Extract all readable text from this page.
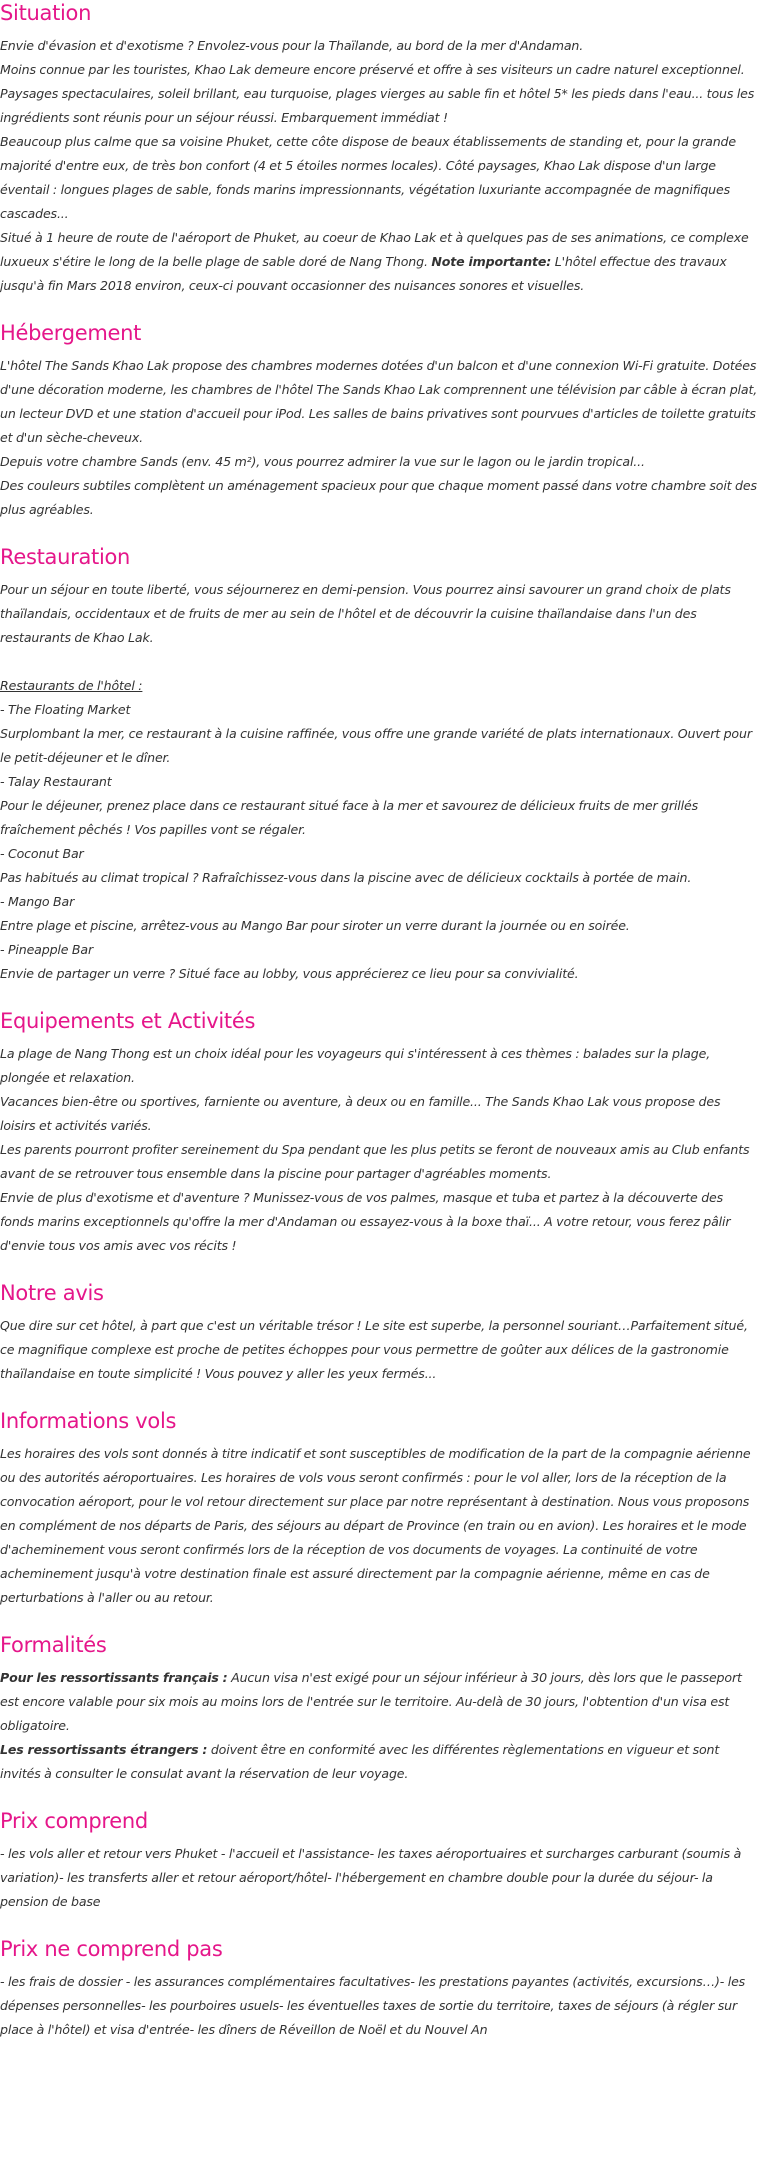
Situation

Envie d'évasion et d'exotisme ? Envolez-vous pour la Thaïlande, au bord de la mer d'Andaman.

Moins connue par les touristes, Khao Lak demeure encore préservé et offre à ses visiteurs un cadre naturel exceptionnel. Paysages spectaculaires, soleil brillant, eau turquoise, plages vierges au sable fin et hôtel 5* les pieds dans l'eau... tous les ingrédients sont réunis pour un séjour réussi. Embarquement immédiat !

Beaucoup plus calme que sa voisine Phuket, cette côte dispose de beaux établissements de standing et, pour la grande majorité d'entre eux, de très bon confort (4 et 5 étoiles normes locales). Côté paysages, Khao Lak dispose d'un large éventail : longues plages de sable, fonds marins impressionnants, végétation luxuriante accompagnée de magnifiques cascades...

Situé à 1 heure de route de l'aéroport de Phuket, au coeur de Khao Lak et à quelques pas de ses animations, ce complexe luxueux s'étire le long de la belle plage de sable doré de Nang Thong. Note importante: L'hôtel effectue des travaux jusqu'à fin Mars 2018 environ, ceux-ci pouvant occasionner des nuisances sonores et visuelles.

Hébergement

L'hôtel The Sands Khao Lak propose des chambres modernes dotées d'un balcon et d'une connexion Wi-Fi gratuite. Dotées d'une décoration moderne, les chambres de l'hôtel The Sands Khao Lak comprennent une télévision par câble à écran plat, un lecteur DVD et une station d'accueil pour iPod. Les salles de bains privatives sont pourvues d'articles de toilette gratuits et d'un sèche-cheveux.

Depuis votre chambre Sands (env. 45 m²), vous pourrez admirer la vue sur le lagon ou le jardin tropical...

Des couleurs subtiles complètent un aménagement spacieux pour que chaque moment passé dans votre chambre soit des plus agréables.

Restauration

Pour un séjour en toute liberté, vous séjournerez en demi-pension. Vous pourrez ainsi savourer un grand choix de plats thaïlandais, occidentaux et de fruits de mer au sein de l'hôtel et de découvrir la cuisine thaïlandaise dans l'un des restaurants de Khao Lak.

Restaurants de l'hôtel :

- The Floating Market

Surplombant la mer, ce restaurant à la cuisine raffinée, vous offre une grande variété de plats internationaux. Ouvert pour le petit-déjeuner et le dîner.

- Talay Restaurant

Pour le déjeuner, prenez place dans ce restaurant situé face à la mer et savourez de délicieux fruits de mer grillés fraîchement pêchés ! Vos papilles vont se régaler.

- Coconut Bar

Pas habitués au climat tropical ? Rafraîchissez-vous dans la piscine avec de délicieux cocktails à portée de main.

- Mango Bar

Entre plage et piscine, arrêtez-vous au Mango Bar pour siroter un verre durant la journée ou en soirée.

- Pineapple Bar

Envie de partager un verre ? Situé face au lobby, vous apprécierez ce lieu pour sa convivialité.

Equipements et Activités

La plage de Nang Thong est un choix idéal pour les voyageurs qui s'intéressent à ces thèmes : balades sur la plage, plongée et relaxation.

Vacances bien-être ou sportives, farniente ou aventure, à deux ou en famille... The Sands Khao Lak vous propose des loisirs et activités variés.

Les parents pourront profiter sereinement du Spa pendant que les plus petits se feront de nouveaux amis au Club enfants avant de se retrouver tous ensemble dans la piscine pour partager d'agréables moments.

Envie de plus d'exotisme et d'aventure ? Munissez-vous de vos palmes, masque et tuba et partez à la découverte des fonds marins exceptionnels qu'offre la mer d'Andaman ou essayez-vous à la boxe thaï... A votre retour, vous ferez pâlir d'envie tous vos amis avec vos récits !

Notre avis

Que dire sur cet hôtel, à part que c'est un véritable trésor ! Le site est superbe, la personnel souriant…Parfaitement situé, ce magnifique complexe est proche de petites échoppes pour vous permettre de goûter aux délices de la gastronomie thaïlandaise en toute simplicité ! Vous pouvez y aller les yeux fermés...

Informations vols

Les horaires des vols sont donnés à titre indicatif et sont susceptibles de modification de la part de la compagnie aérienne ou des autorités aéroportuaires. Les horaires de vols vous seront confirmés : pour le vol aller, lors de la réception de la convocation aéroport, pour le vol retour directement sur place par notre représentant à destination. Nous vous proposons en complément de nos départs de Paris, des séjours au départ de Province (en train ou en avion). Les horaires et le mode d'acheminement vous seront confirmés lors de la réception de vos documents de voyages. La continuité de votre acheminement jusqu'à votre destination finale est assuré directement par la compagnie aérienne, même en cas de perturbations à l'aller ou au retour.

Formalités

Pour les ressortissants français : Aucun visa n'est exigé pour un séjour inférieur à 30 jours, dès lors que le passeport est encore valable pour six mois au moins lors de l'entrée sur le territoire. Au-delà de 30 jours, l'obtention d'un visa est obligatoire.

Les ressortissants étrangers : doivent être en conformité avec les différentes règlementations en vigueur et sont invités à consulter le consulat avant la réservation de leur voyage.

Prix comprend

- les vols aller et retour vers Phuket - l'accueil et l'assistance- les taxes aéroportuaires et surcharges carburant (soumis à variation)- les transferts aller et retour aéroport/hôtel- l'hébergement en chambre double pour la durée du séjour- la pension de base

Prix ne comprend pas

- les frais de dossier - les assurances complémentaires facultatives- les prestations payantes (activités, excursions…)- les dépenses personnelles- les pourboires usuels- les éventuelles taxes de sortie du territoire, taxes de séjours (à régler sur place à l'hôtel) et visa d'entrée- les dîners de Réveillon de Noël et du Nouvel An
